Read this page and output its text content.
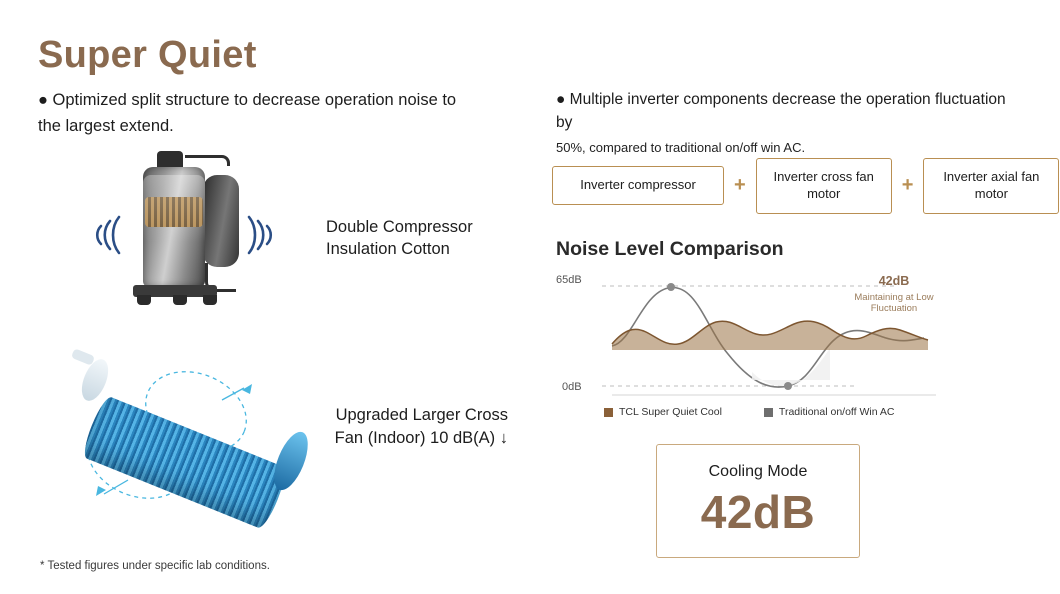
Super Quiet
● Optimized split structure to decrease operation noise to the largest extend.
Double Compressor Insulation Cotton
Upgraded Larger Cross Fan (Indoor) 10 dB(A) ↓
* Tested figures under specific lab conditions.
● Multiple inverter components decrease the operation fluctuation by
50%, compared to traditional on/off win AC.
Inverter compressor	+	Inverter cross fan motor	+	Inverter axial fan motor
Noise Level Comparison
65dB
0dB
42dB
Maintaining at Low Fluctuation
TCL Super Quiet Cool	Traditional on/off Win AC
Cooling Mode
42dB
